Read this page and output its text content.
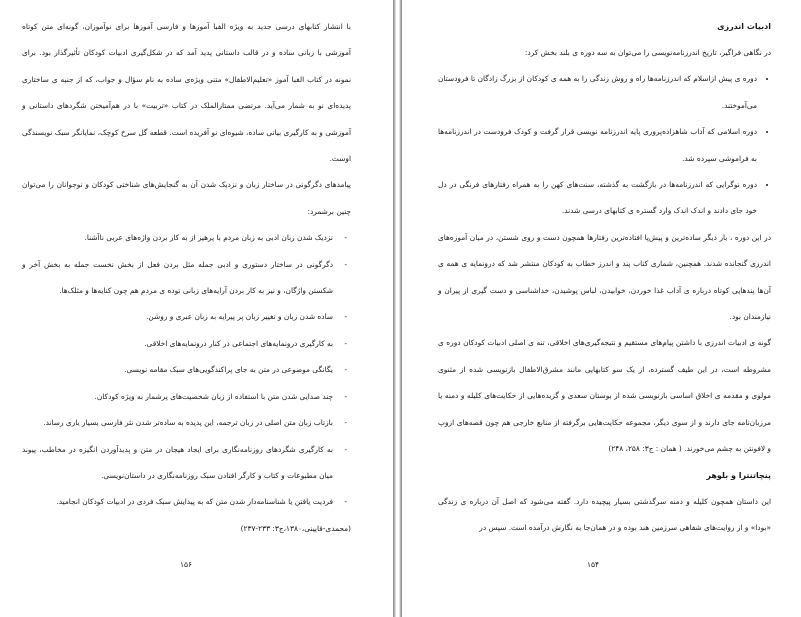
با انتشار کتابهای درسی جدید به ویژه الفبا آموزها و فارسی آموزها برای نوآموزان، گونه‌ای متن کوتاه آموزشی با زبانی ساده و در قالب داستانی پدید آمد که در شکل‌گیری ادبیات کودکان تأثیرگذار بود. برای نمونه در کتاب الفبا آموز «تعلیم‌الاطفال» متنی ویژه‌ی ساده به نام سؤال و جواب، که از جنبه ی ساختاری پدیده‌ای نو به شمار می‌آید. مرتضی ممتازالملک در کتاب «تربیت» با در هم‌آمیختن شگردهای داستانی و آموزشی و به کارگیری بیانی ساده، شیوه‌ای نو آفریده است. قطعه گل سرخ کوچک، نمایانگر سبک نویسندگی اوست.

پیامدهای دگرگونی در ساختار زبان و نزدیک شدن آن به گنجایش‌های شناختی کودکان و نوجوانان را می‌توان چنین برشمرد:

- نزدیک شدن زبان ادبی به زبان مردم با پرهیز از به کار بردن واژه‌های عربی ناآشنا.
- دگرگونی در ساختار دستوری و ادبی جمله مثل بردن فعل از بخش نخست جمله به بخش آخر و شکستن واژگان، و نیز به کار بردن آرایه‌های زبانی توده ی مردم هم چون کنایه‌ها و مثلک‌ها.
- ساده شدن زبان و تغییر زبان پر پیرایه به زبان عبری و روشن.
- به کارگیری درونمایه‌های اجتماعی در کنار درونمایه‌های اخلاقی.
- یگانگی موضوعی در متن به جای پراکندگویی‌های سبک مقامه نویسی.
- چند صدایی شدن متن با استفاده از زبان شخصیت‌های پرشمار به ویژه کودکان.
- بازتاب زبان متن اصلی در زبان ترجمه، این پدیده به ساده‌تر شدن نثر فارسی بسیار یاری رساند.
- به کارگیری شگردهای روزنامه‌نگاری برای ایجاد هیجان در متن و پدیدآوردن انگیزه در مخاطب، پیوند میان مطبوعات و کتاب و کارگر افتادن سبک روزنامه‌نگاری در داستان‌نویسی.
- فردیت یافتن یا شناسنامه‌دار شدن متن که به پیدایش سبک فردی در ادبیات کودکان انجامید.

(محمدی-قایینی،۱۳۸۰،ج۳: ۲۳۳-۲۳۷)

۱۵۶
ادبیات اندرزی

در نگاهی فراگیر، تاریخ اندرزنامه‌نویسی را می‌توان به سه دوره ی بلند بخش کرد:

• دوره ی پیش ازاسلام که اندرزنامه‌ها راه و روش زندگی را به همه ی کودکان از بزرگ زادگان تا فرودستان می‌آموختند.
• دوره اسلامی که آداب شاهزاده‌پروری پایه اندرزنامه نویسی قرار گرفت و کودک فرودست در اندرزنامه‌ها به فراموشی سپرده شد.
• دوره نوگرایی که اندرزنامه‌ها در بازگشت به گذشته، سنت‌های کهن را به همراه رفتارهای فرنگی در دل خود جای دادند و اندک اندک وارد گستره ی کتابهای درسی شدند.

در این دوره ، بار دیگر ساده‌ترین و پیش‌پا افتاده‌ترین رفتارها همچون دست و روی شستن، در میان آموزه‌های اندرزی گنجانده شدند. همچنین، شماری کتاب پند و اندرز خطاب به کودکان منتشر شد که درونمایه ی همه ی آن‌ها پندهایی کوتاه درباره ی آداب غذا خوردن، خوابیدن، لباس پوشیدن، خداشناسی و دست گیری از پیران و نیازمندان بود.

گونه ی ادبیات اندرزی با داشتن پیام‌های مستقیم و نتیجه‌گیری‌های اخلاقی، تنه ی اصلی ادبیات کودکان دوره ی مشروطه است، در این طیف گسترده، از یک سو کتابهایی مانند مشرق‌الاطفال بازنویسی شده از مثنوی مولوی و مقدمه ی اخلاق اساسی بازنویسی شده از بوستان سعدی و گزیده‌هایی از حکایت‌های کلیله و دمنه یا مرزبان‌نامه جای دارند و از سوی دیگر، مجموعه حکایت‌هایی برگرفته از منابع خارجی هم چون قصه‌های ازوپ و لافونتن به چشم می‌خورند. ( همان : ج۳: ۲۵۸، ۲۴۸)

پنچاتنترا و بلوهر

این داستان همچون کلیله و دمنه سرگذشتی بسیار پیچیده دارد. گفته می‌شود که اصل آن درباره ی زندگی «بودا» و از روایت‌های شفاهی سرزمین هند بوده و در همان‌جا به نگارش درآمده است. سپس در

۱۵۴
